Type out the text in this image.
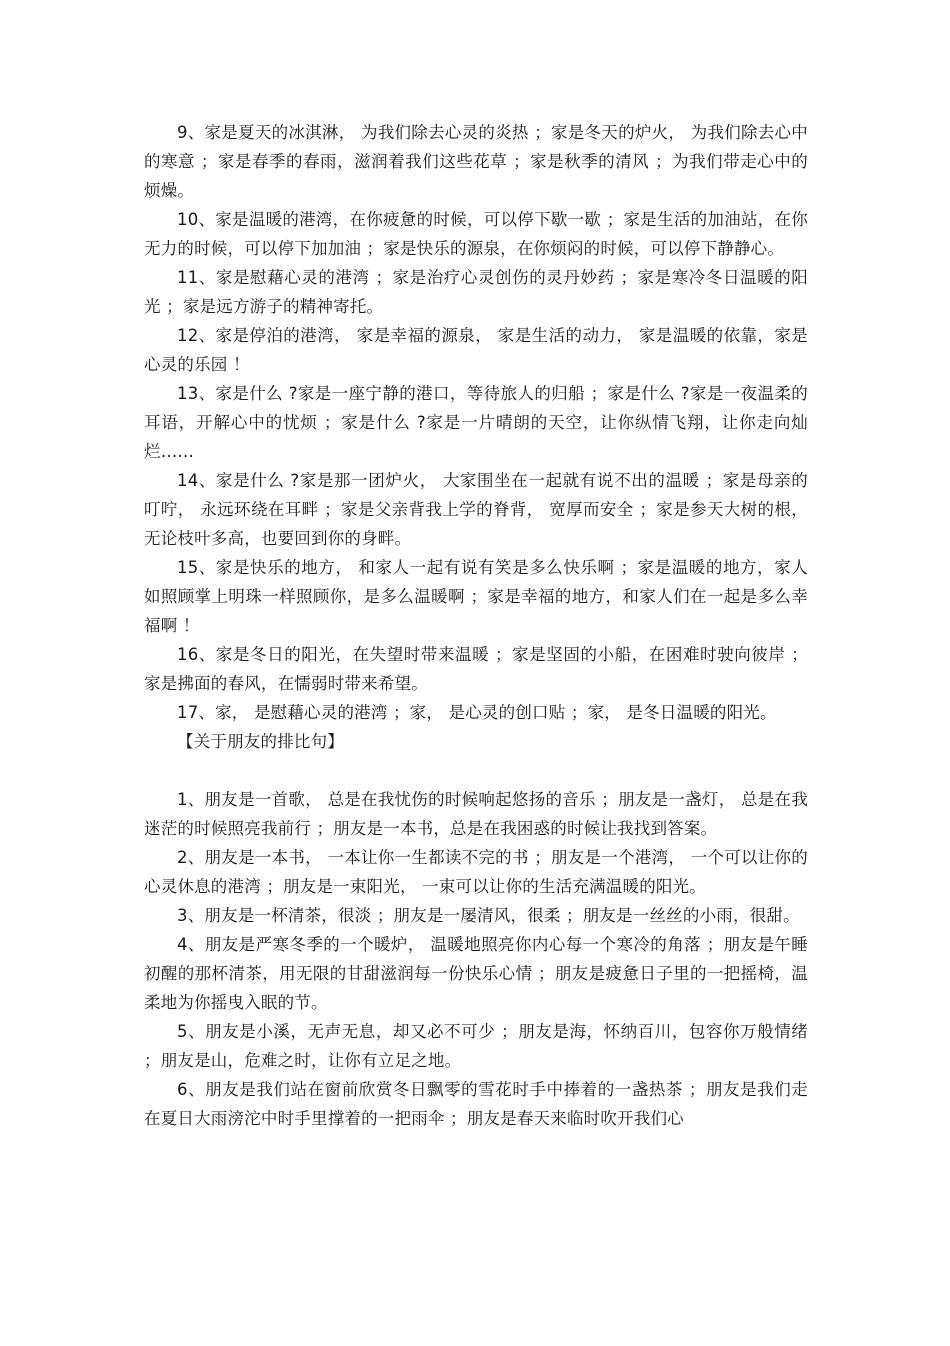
9、家是夏天的冰淇淋， 为我们除去心灵的炎热 ；家是冬天的炉火， 为我们除去心中的寒意 ；家是春季的春雨，滋润着我们这些花草 ；家是秋季的清风 ；为我们带走心中的烦燥。

10、家是温暖的港湾，在你疲惫的时候，可以停下歇一歇 ；家是生活的加油站，在你无力的时候，可以停下加加油 ；家是快乐的源泉，在你烦闷的时候，可以停下静静心。

11、家是慰藉心灵的港湾 ；家是治疗心灵创伤的灵丹妙药 ；家是寒冷冬日温暖的阳光 ；家是远方游子的精神寄托。

12、家是停泊的港湾， 家是幸福的源泉， 家是生活的动力， 家是温暖的依靠，家是心灵的乐园 ！

13、家是什么 ?家是一座宁静的港口，等待旅人的归船 ；家是什么 ?家是一夜温柔的耳语，开解心中的忧烦 ；家是什么 ?家是一片晴朗的天空，让你纵情飞翔，让你走向灿烂……

14、家是什么 ?家是那一团炉火， 大家围坐在一起就有说不出的温暖 ；家是母亲的叮咛， 永远环绕在耳畔 ；家是父亲背我上学的脊背， 宽厚而安全 ；家是参天大树的根，无论枝叶多高，也要回到你的身畔。

15、家是快乐的地方， 和家人一起有说有笑是多么快乐啊 ；家是温暖的地方，家人如照顾掌上明珠一样照顾你，是多么温暖啊 ；家是幸福的地方，和家人们在一起是多么幸福啊 ！

16、家是冬日的阳光，在失望时带来温暖 ；家是坚固的小船，在困难时驶向彼岸 ；家是拂面的春风，在懦弱时带来希望。

17、家， 是慰藉心灵的港湾 ；家， 是心灵的创口贴 ；家， 是冬日温暖的阳光。

【关于朋友的排比句】

1、朋友是一首歌， 总是在我忧伤的时候响起悠扬的音乐 ；朋友是一盏灯， 总是在我迷茫的时候照亮我前行 ；朋友是一本书，总是在我困惑的时候让我找到答案。

2、朋友是一本书， 一本让你一生都读不完的书 ；朋友是一个港湾， 一个可以让你的心灵休息的港湾 ；朋友是一束阳光， 一束可以让你的生活充满温暖的阳光。

3、朋友是一杯清茶，很淡 ；朋友是一屡清风，很柔 ；朋友是一丝丝的小雨，很甜。

4、朋友是严寒冬季的一个暖炉， 温暖地照亮你内心每一个寒冷的角落 ；朋友是午睡初醒的那杯清茶，用无限的甘甜滋润每一份快乐心情 ；朋友是疲惫日子里的一把摇椅，温柔地为你摇曳入眠的节。

5、朋友是小溪，无声无息，却又必不可少 ；朋友是海，怀纳百川，包容你万般情绪 ；朋友是山，危难之时，让你有立足之地。

6、朋友是我们站在窗前欣赏冬日飘零的雪花时手中捧着的一盏热茶 ；朋友是我们走在夏日大雨滂沱中时手里撑着的一把雨伞 ；朋友是春天来临时吹开我们心
